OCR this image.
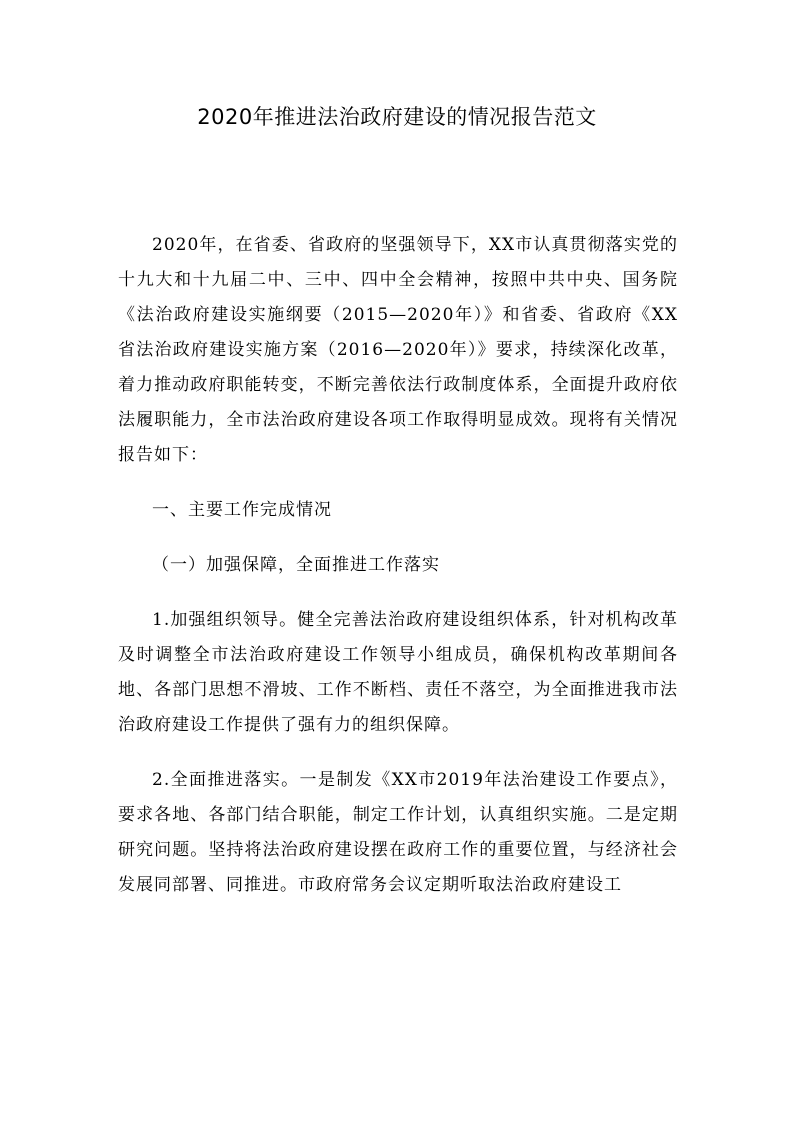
2020年推进法治政府建设的情况报告范文

2020年，在省委、省政府的坚强领导下，XX市认真贯彻落实党的十九大和十九届二中、三中、四中全会精神，按照中共中央、国务院《法治政府建设实施纲要（2015—2020年）》和省委、省政府《XX省法治政府建设实施方案（2016—2020年）》要求，持续深化改革，着力推动政府职能转变，不断完善依法行政制度体系，全面提升政府依法履职能力，全市法治政府建设各项工作取得明显成效。现将有关情况报告如下：

一、主要工作完成情况

（一）加强保障，全面推进工作落实

1.加强组织领导。健全完善法治政府建设组织体系，针对机构改革及时调整全市法治政府建设工作领导小组成员，确保机构改革期间各地、各部门思想不滑坡、工作不断档、责任不落空，为全面推进我市法治政府建设工作提供了强有力的组织保障。

2.全面推进落实。一是制发《XX市2019年法治建设工作要点》，要求各地、各部门结合职能，制定工作计划，认真组织实施。二是定期研究问题。坚持将法治政府建设摆在政府工作的重要位置，与经济社会发展同部署、同推进。市政府常务会议定期听取法治政府建设工
